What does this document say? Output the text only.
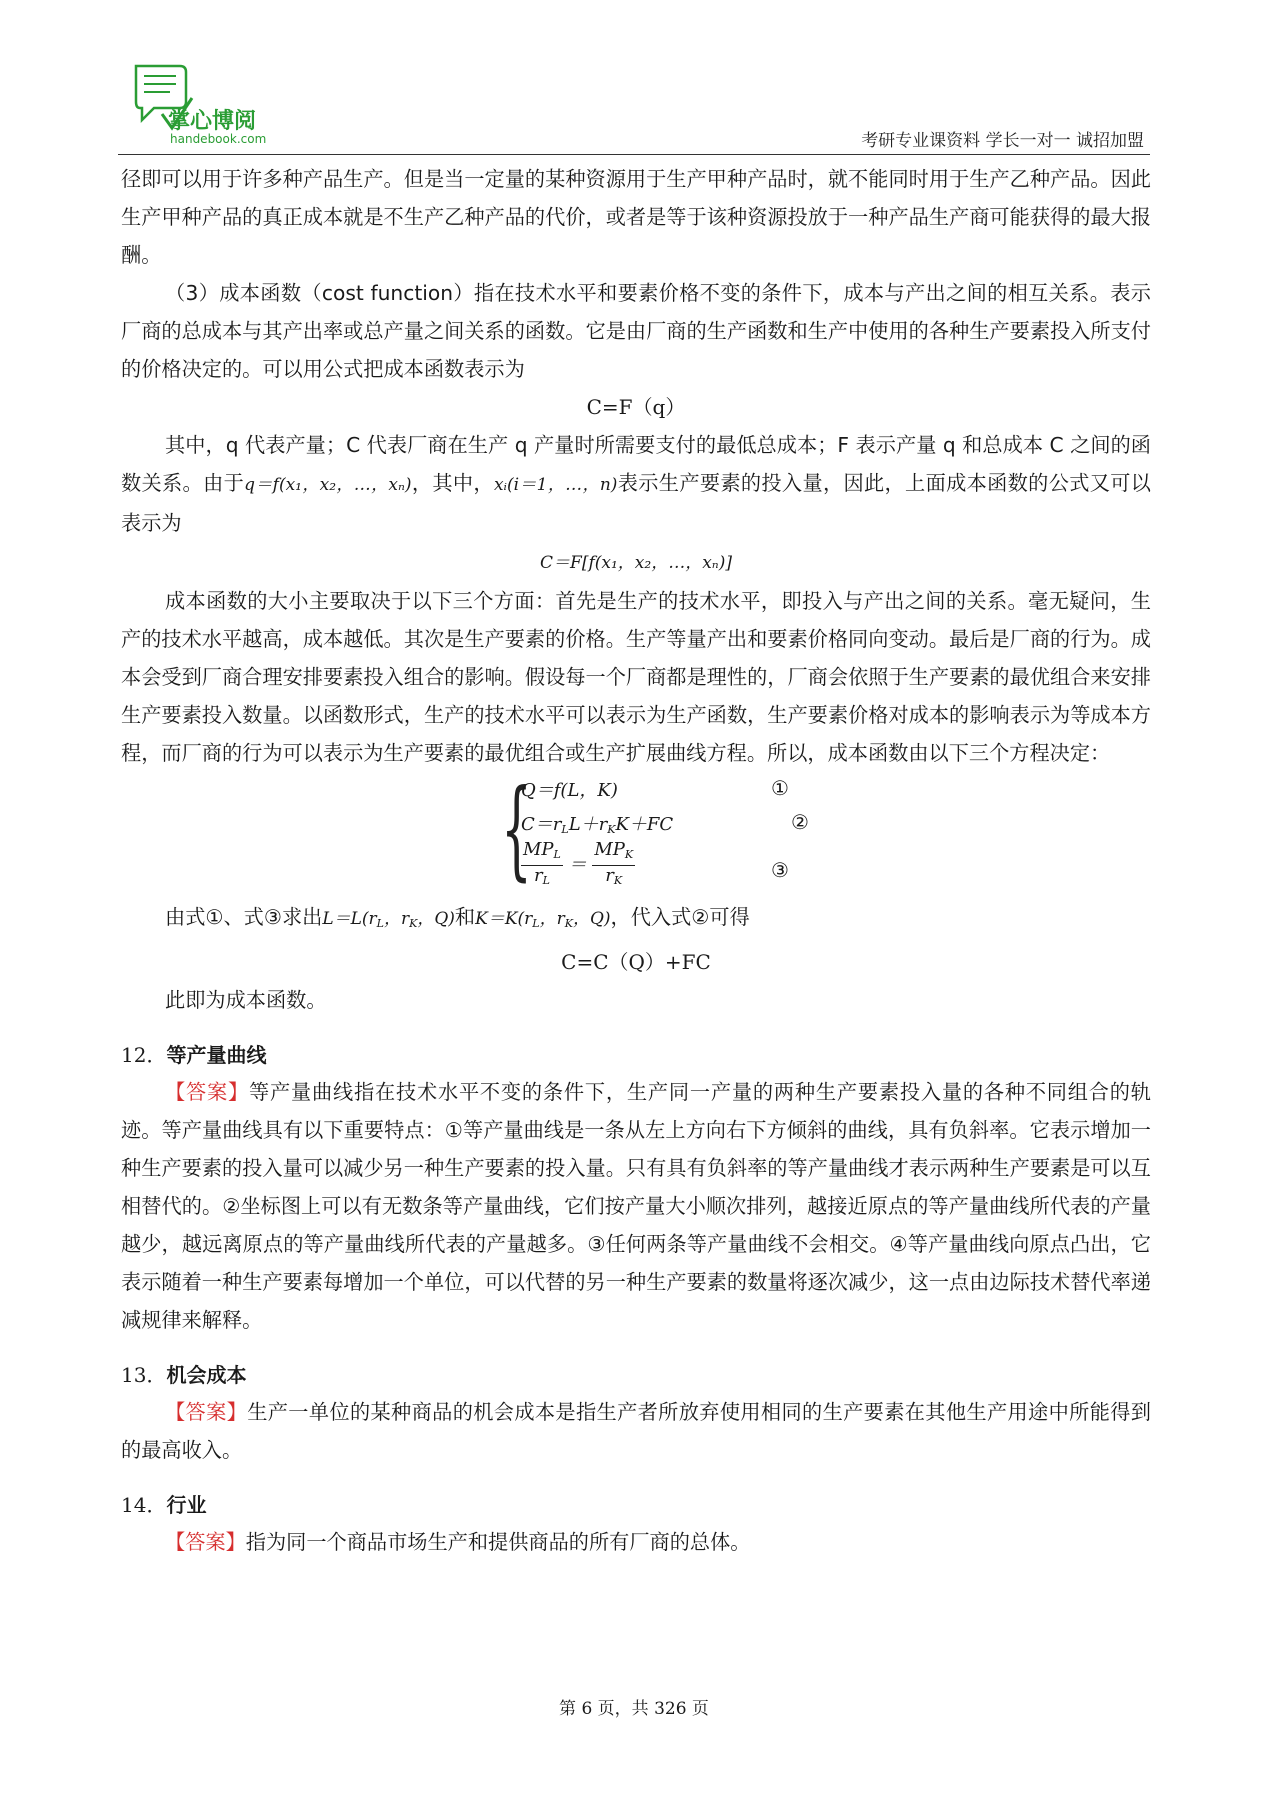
掌心博阅
handebook.com	考研专业课资料 学长一对一 诚招加盟

径即可以用于许多种产品生产。但是当一定量的某种资源用于生产甲种产品时，就不能同时用于生产乙种产品。因此生产甲种产品的真正成本就是不生产乙种产品的代价，或者是等于该种资源投放于一种产品生产商可能获得的最大报酬。

（3）成本函数（cost function）指在技术水平和要素价格不变的条件下，成本与产出之间的相互关系。表示厂商的总成本与其产出率或总产量之间关系的函数。它是由厂商的生产函数和生产中使用的各种生产要素投入所支付的价格决定的。可以用公式把成本函数表示为

C=F（q）

其中，q 代表产量；C 代表厂商在生产 q 产量时所需要支付的最低总成本；F 表示产量 q 和总成本 C 之间的函数关系。由于q＝f(x₁，x₂，…，xₙ)，其中，xᵢ(i＝1，…，n)表示生产要素的投入量，因此，上面成本函数的公式又可以表示为

C＝F[f(x₁，x₂，…，xₙ)]

成本函数的大小主要取决于以下三个方面：首先是生产的技术水平，即投入与产出之间的关系。毫无疑问，生产的技术水平越高，成本越低。其次是生产要素的价格。生产等量产出和要素价格同向变动。最后是厂商的行为。成本会受到厂商合理安排要素投入组合的影响。假设每一个厂商都是理性的，厂商会依照于生产要素的最优组合来安排生产要素投入数量。以函数形式，生产的技术水平可以表示为生产函数，生产要素价格对成本的影响表示为等成本方程，而厂商的行为可以表示为生产要素的最优组合或生产扩展曲线方程。所以，成本函数由以下三个方程决定：

{
Q＝f(L，K)	①
$C=r_LL+r_KK+FC$	②
$\frac{MP_L}{r_L} = \frac{MP_K}{r_K}$	③

由式①、式③求出$L=L(r_L$，$r_K$，Q)和$K=K(r_L$，$r_K$，Q)，代入式②可得

C=C（Q）+FC

此即为成本函数。

12．等产量曲线

【答案】等产量曲线指在技术水平不变的条件下，生产同一产量的两种生产要素投入量的各种不同组合的轨迹。等产量曲线具有以下重要特点：①等产量曲线是一条从左上方向右下方倾斜的曲线，具有负斜率。它表示增加一种生产要素的投入量可以减少另一种生产要素的投入量。只有具有负斜率的等产量曲线才表示两种生产要素是可以互相替代的。②坐标图上可以有无数条等产量曲线，它们按产量大小顺次排列，越接近原点的等产量曲线所代表的产量越少，越远离原点的等产量曲线所代表的产量越多。③任何两条等产量曲线不会相交。④等产量曲线向原点凸出，它表示随着一种生产要素每增加一个单位，可以代替的另一种生产要素的数量将逐次减少，这一点由边际技术替代率递减规律来解释。

13．机会成本

【答案】生产一单位的某种商品的机会成本是指生产者所放弃使用相同的生产要素在其他生产用途中所能得到的最高收入。

14．行业

【答案】指为同一个商品市场生产和提供商品的所有厂商的总体。

第 6 页，共 326 页
